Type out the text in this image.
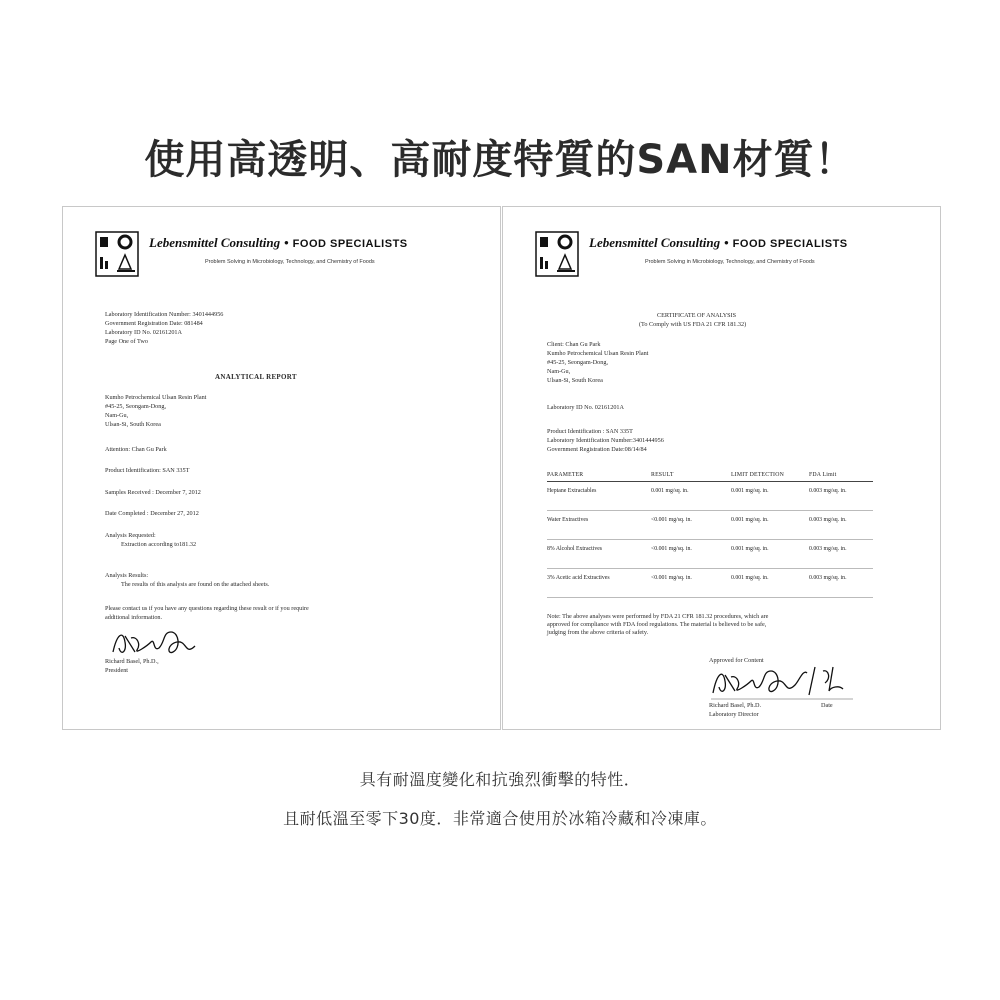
使用高透明、高耐度特質的SAN材質！
Lebensmittel Consulting • FOOD SPECIALISTS
Problem Solving in Microbiology, Technology, and Chemistry of Foods
Laboratory Identification Number: 3401444956
Government Registration Date: 081484
Laboratory ID No. 02161201A
Page One of Two
ANALYTICAL REPORT
Kumho Petrochemical Ulsan Resin Plant
#45-25, Seongam-Dong,
Nam-Gu,
Ulsan-Si, South Korea
Attention: Chan Gu Park
Product Identification: SAN 335T
Samples Received : December 7, 2012
Date Completed : December 27, 2012
Analysis Requested:
Extraction according to181.32
Analysis Results:
The results of this analysis are found on the attached sheets.
Please contact us if you have any questions regarding these result or if you require
additional information.
Richard Basel, Ph.D.,
President
Lebensmittel Consulting • FOOD SPECIALISTS
Problem Solving in Microbiology, Technology, and Chemistry of Foods
CERTIFICATE OF ANALYSIS
(To Comply with US FDA 21 CFR 181.32)
Client: Chan Gu Park
Kumho Petrochemical Ulsan Resin Plant
#45-25, Seongam-Dong,
Nam-Gu,
Ulsan-Si, South Korea
Laboratory ID No. 02161201A
Product Identification : SAN 335T
Laboratory Identification Number:3401444956
Government Registration Date:08/14/84
PARAMETER	RESULT	LIMIT DETECTION	FDA Limit
Heptane Extractables	0.001 mg/sq. in.	0.001 mg/sq. in.	0.003 mg/sq. in.
Water Extractives	<0.001 mg/sq. in.	0.001 mg/sq. in.	0.003 mg/sq. in.
8% Alcohol Extractives	<0.001 mg/sq. in.	0.001 mg/sq. in.	0.003 mg/sq. in.
3% Acetic acid Extractives	<0.001 mg/sq. in.	0.001 mg/sq. in.	0.003 mg/sq. in.
Note: The above analyses were performed by FDA 21 CFR 181.32 procedures, which are
approved for compliance with FDA food regulations. The material is believed to be safe,
judging from the above criteria of safety.
Approved for Content
Richard Basel, Ph.D.	Date
Laboratory Director
具有耐溫度變化和抗強烈衝擊的特性．
且耐低溫至零下30度．非常適合使用於冰箱冷藏和冷凍庫。
